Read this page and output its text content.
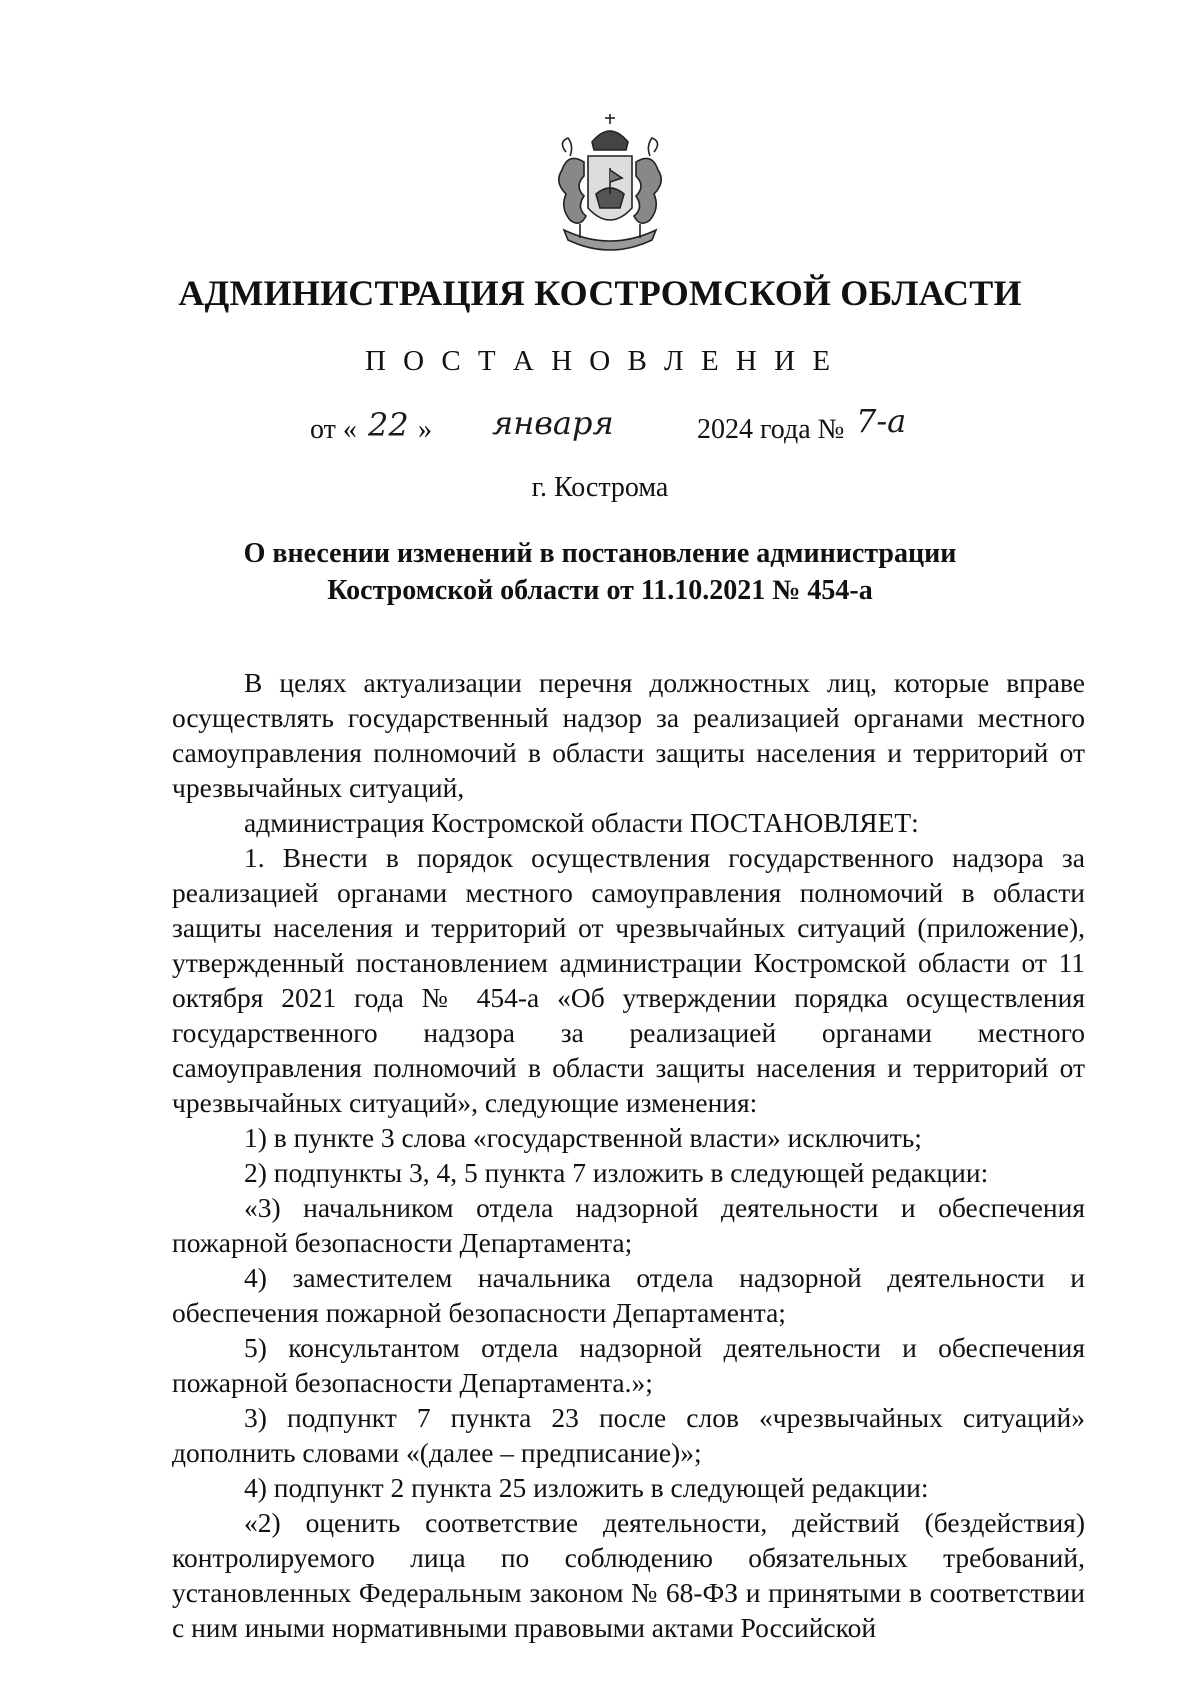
АДМИНИСТРАЦИЯ КОСТРОМСКОЙ ОБЛАСТИ
П О С Т А Н О В Л Е Н И Е
от « 22 » января	2024 года № 7-а
г. Кострома
О внесении изменений в постановление администрации
Костромской области от 11.10.2021 № 454-а

В целях актуализации перечня должностных лиц, которые вправе осуществлять государственный надзор за реализацией органами местного самоуправления полномочий в области защиты населения и территорий от чрезвычайных ситуаций,

администрация Костромской области ПОСТАНОВЛЯЕТ:

1. Внести в порядок осуществления государственного надзора за реализацией органами местного самоуправления полномочий в области защиты населения и территорий от чрезвычайных ситуаций (приложение), утвержденный постановлением администрации Костромской области от 11 октября 2021 года № 454-а «Об утверждении порядка осуществления государственного надзора за реализацией органами местного самоуправления полномочий в области защиты населения и территорий от чрезвычайных ситуаций», следующие изменения:

1) в пункте 3 слова «государственной власти» исключить;

2) подпункты 3, 4, 5 пункта 7 изложить в следующей редакции:

«3) начальником отдела надзорной деятельности и обеспечения пожарной безопасности Департамента;

4) заместителем начальника отдела надзорной деятельности и обеспечения пожарной безопасности Департамента;

5) консультантом отдела надзорной деятельности и обеспечения пожарной безопасности Департамента.»;

3) подпункт 7 пункта 23 после слов «чрезвычайных ситуаций» дополнить словами «(далее – предписание)»;

4) подпункт 2 пункта 25 изложить в следующей редакции:

«2) оценить соответствие деятельности, действий (бездействия) контролируемого лица по соблюдению обязательных требований, установленных Федеральным законом № 68-ФЗ и принятыми в соответствии с ним иными нормативными правовыми актами Российской
